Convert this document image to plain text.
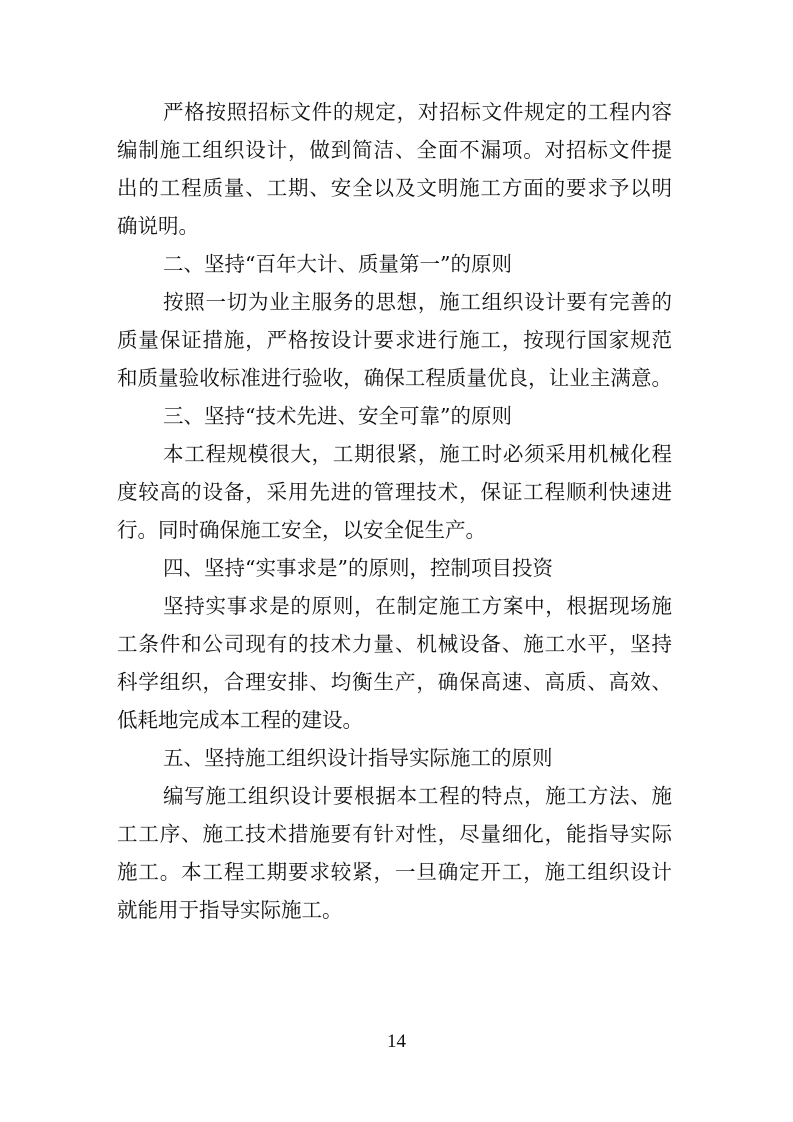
严格按照招标文件的规定，对招标文件规定的工程内容
编制施工组织设计，做到简洁、全面不漏项。对招标文件提
出的工程质量、工期、安全以及文明施工方面的要求予以明
确说明。
二、坚持“百年大计、质量第一”的原则
按照一切为业主服务的思想，施工组织设计要有完善的
质量保证措施，严格按设计要求进行施工，按现行国家规范
和质量验收标准进行验收，确保工程质量优良，让业主满意。
三、坚持“技术先进、安全可靠”的原则
本工程规模很大，工期很紧，施工时必须采用机械化程
度较高的设备，采用先进的管理技术，保证工程顺利快速进
行。同时确保施工安全，以安全促生产。
四、坚持“实事求是”的原则，控制项目投资
坚持实事求是的原则，在制定施工方案中，根据现场施
工条件和公司现有的技术力量、机械设备、施工水平，坚持
科学组织，合理安排、均衡生产，确保高速、高质、高效、
低耗地完成本工程的建设。
五、坚持施工组织设计指导实际施工的原则
编写施工组织设计要根据本工程的特点，施工方法、施
工工序、施工技术措施要有针对性，尽量细化，能指导实际
施工。本工程工期要求较紧，一旦确定开工，施工组织设计
就能用于指导实际施工。
14
